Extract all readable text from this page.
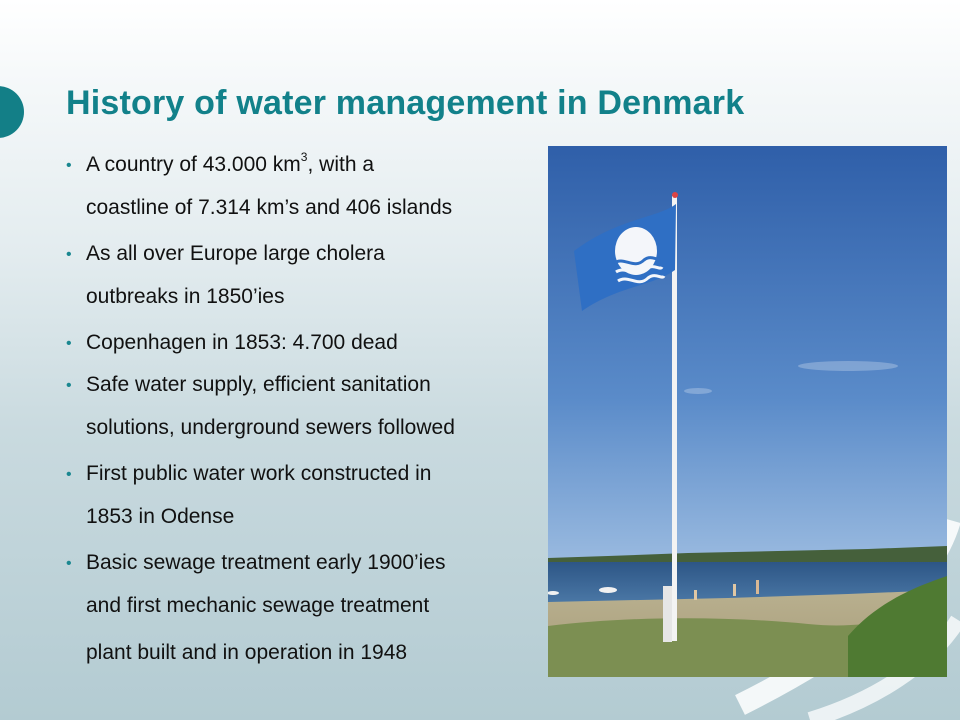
History of water management in Denmark
• A country of 43.000 $km^3$, with a
coastline of 7.314 km’s and 406 islands
• As all over Europe large cholera
outbreaks in 1850’ies
• Copenhagen in 1853: 4.700 dead
• Safe water supply, efficient sanitation
solutions, underground sewers followed
• First public water work constructed in
1853 in Odense
• Basic sewage treatment early 1900’ies
and first mechanic sewage treatment
plant built and in operation in 1948
